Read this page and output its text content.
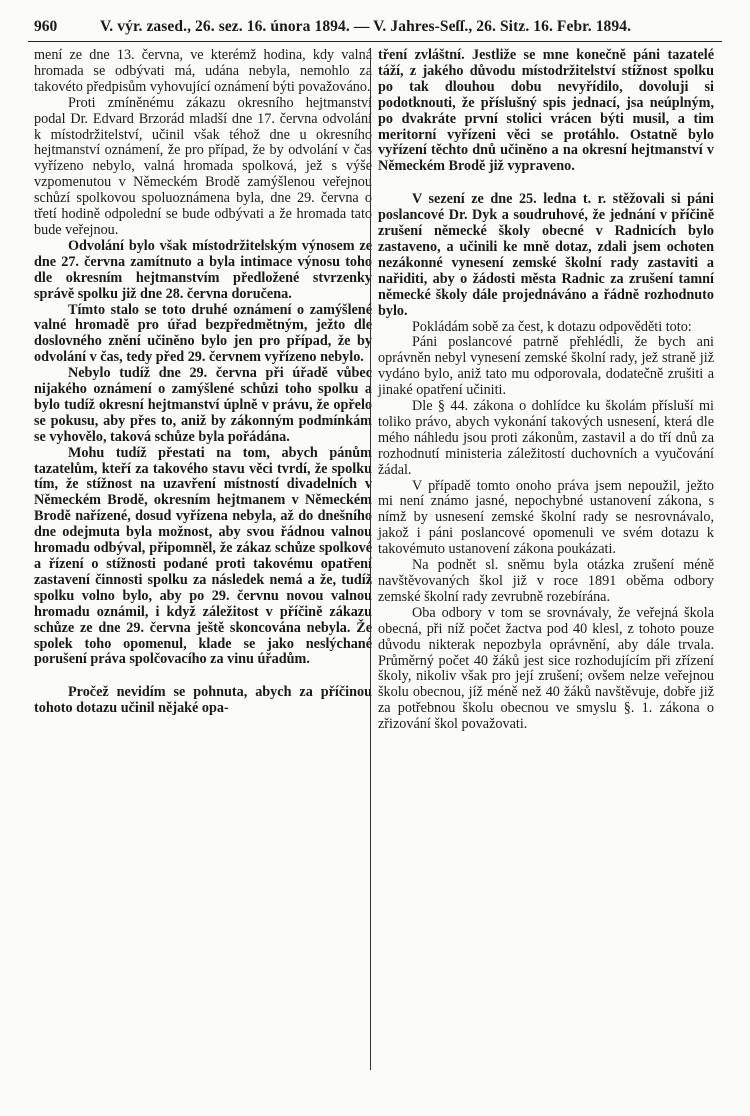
960	V. výr. zased., 26. sez. 16. února 1894. — V. Jahres-Seſſ., 26. Sitz. 16. Febr. 1894.

mení ze dne 13. června, ve kterémž hodina, kdy valná hromada se odbývati má, udána nebyla, nemohlo za takovéto předpisům vyhovující oznámení býti považováno.

Proti zmíněnému zákazu okresního hejtmanství podal Dr. Edvard Brzorád mladší dne 17. června odvolání k místodržitelství, učinil však téhož dne u okresního hejtmanství oznámení, že pro případ, že by odvolání v čas vyřízeno nebylo, valná hromada spolková, jež s výše vzpomenutou v Německém Brodě zamýšlenou veřejnou schůzí spolkovou spoluoznámena byla, dne 29. června o třetí hodině odpolední se bude odbývati a že hromada tato bude veřejnou.

Odvolání bylo však místodržitelským výnosem ze dne 27. června zamítnuto a byla intimace výnosu toho dle okresním hejtmanstvím předložené stvrzenky správě spolku již dne 28. června doručena.

Tímto stalo se toto druhé oznámení o zamýšlené valné hromadě pro úřad bezpředmětným, ježto dle doslovného znění učiněno bylo jen pro případ, že by odvolání v čas, tedy před 29. červnem vyřízeno nebylo.

Nebylo tudíž dne 29. června při úřadě vůbec nijakého oznámení o zamýšlené schůzi toho spolku a bylo tudíž okresní hejtmanství úplně v právu, že opřelo se pokusu, aby přes to, aniž by zákonným podmínkám se vyhovělo, taková schůze byla pořádána.

Mohu tudíž přestati na tom, abych pánům tazatelům, kteří za takového stavu věci tvrdí, že spolku tím, že stížnost na uzavření místností divadelních v Německém Brodě, okresním hejtmanem v Německém Brodě nařízené, dosud vyřízena nebyla, až do dnešního dne odejmuta byla možnost, aby svou řádnou valnou hromadu odbýval, připomněl, že zákaz schůze spolkové a řízení o stížnosti podané proti takovému opatření zastavení činnosti spolku za následek nemá a že, tudíž spolku volno bylo, aby po 29. červnu novou valnou hromadu oznámil, i když záležitost v příčině zákazu schůze ze dne 29. června ještě skoncována nebyla. Že spolek toho opomenul, klade se jako neslýchané porušení práva spolčovacího za vinu úřadům.

Pročež nevidím se pohnuta, abych za příčinou tohoto dotazu učinil nějaké opa-

tření zvláštní. Jestliže se mne konečně páni tazatelé táží, z jakého důvodu místodržitelství stížnost spolku po tak dlouhou dobu nevyřídilo, dovoluji si podotknouti, že příslušný spis jednací, jsa neúplným, po dvakráte první stolici vrácen býti musil, a tim meritorní vyřízeni věci se protáhlo. Ostatně bylo vyřízení těchto dnů učiněno a na okresní hejtmanství v Německém Brodě již vypraveno.

V sezení ze dne 25. ledna t. r. stěžovali si páni poslancové Dr. Dyk a soudruhové, že jednání v příčině zrušení německé školy obecné v Radnicích bylo zastaveno, a učinili ke mně dotaz, zdali jsem ochoten nezákonné vynesení zemské školní rady zastaviti a nařiditi, aby o žádosti města Radnic za zrušení tamní německé školy dále projednáváno a řádně rozhodnuto bylo.

Pokládám sobě za čest, k dotazu odpověděti toto:

Páni poslancové patrně přehlédli, že bych ani oprávněn nebyl vynesení zemské školní rady, jež straně již vydáno bylo, aniž tato mu odporovala, dodatečně zrušiti a jinaké opatření učiniti.

Dle § 44. zákona o dohlídce ku školám přísluší mi toliko právo, abych vykonání takových usnesení, která dle mého náhledu jsou proti zákonům, zastavil a do tří dnů za rozhodnutí ministeria záležitostí duchovních a vyučování žádal.

V případě tomto onoho práva jsem nepoužil, ježto mi není známo jasné, nepochybné ustanovení zákona, s nímž by usnesení zemské školní rady se nesrovnávalo, jakož i páni poslancové opomenuli ve svém dotazu k takovémuto ustanovení zákona poukázati.

Na podnět sl. sněmu byla otázka zrušení méně navštěvovaných škol již v roce 1891 oběma odbory zemské školní rady zevrubně rozebírána.

Oba odbory v tom se srovnávaly, že veřejná škola obecná, při níž počet žactva pod 40 klesl, z tohoto pouze důvodu nikterak nepozbyla oprávnění, aby dále trvala. Průměrný počet 40 žáků jest sice rozhodujícím při zřízení školy, nikoliv však pro její zrušení; ovšem nelze veřejnou školu obecnou, jíž méně než 40 žáků navštěvuje, dobře již za potřebnou školu obecnou ve smyslu §. 1. zákona o zřizování škol považovati.
